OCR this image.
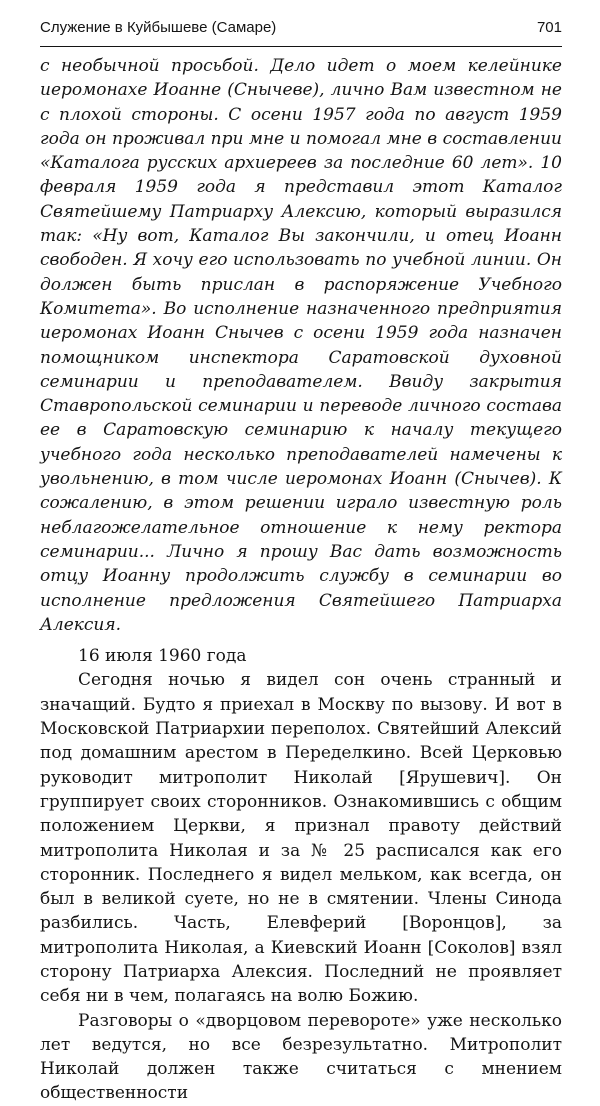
Служение в Куйбышеве (Самаре)	701

с необычной просьбой. Дело идет о моем келейнике иеромонахе Иоанне (Снычеве), лично Вам известном не с плохой стороны. С осени 1957 года по август 1959 года он проживал при мне и помогал мне в составлении «Каталога русских архиереев за последние 60 лет». 10 февраля 1959 года я представил этот Каталог Святейшему Патриарху Алексию, который выразился так: «Ну вот, Каталог Вы закончили, и отец Иоанн свободен. Я хочу его использовать по учебной линии. Он должен быть прислан в распоряжение Учебного Комитета». Во исполнение назначенного предприятия иеромонах Иоанн Снычев с осени 1959 года назначен помощником инспектора Саратовской духовной семинарии и преподавателем. Ввиду закрытия Ставропольской семинарии и переводе личного состава ее в Саратовскую семинарию к началу текущего учебного года несколько преподавателей намечены к увольнению, в том числе иеромонах Иоанн (Снычев). К сожалению, в этом решении играло известную роль неблагожелательное отношение к нему ректора семинарии... Лично я прошу Вас дать возможность отцу Иоанну продолжить службу в семинарии во исполнение предложения Святейшего Патриарха Алексия.

16 июля 1960 года

Сегодня ночью я видел сон очень странный и значащий. Будто я приехал в Москву по вызову. И вот в Московской Патриархии переполох. Святейший Алексий под домашним арестом в Переделкино. Всей Церковью руководит митрополит Николай [Ярушевич]. Он группирует своих сторонников. Ознакомившись с общим положением Церкви, я признал правоту действий митрополита Николая и за № 25 расписался как его сторонник. Последнего я видел мельком, как всегда, он был в великой суете, но не в смятении. Члены Синода разбились. Часть, Елевферий [Воронцов], за митрополита Николая, а Киевский Иоанн [Соколов] взял сторону Патриарха Алексия. Последний не проявляет себя ни в чем, полагаясь на волю Божию.

Разговоры о «дворцовом перевороте» уже несколько лет ведутся, но все безрезультатно. Митрополит Николай должен также считаться с мнением общественности
